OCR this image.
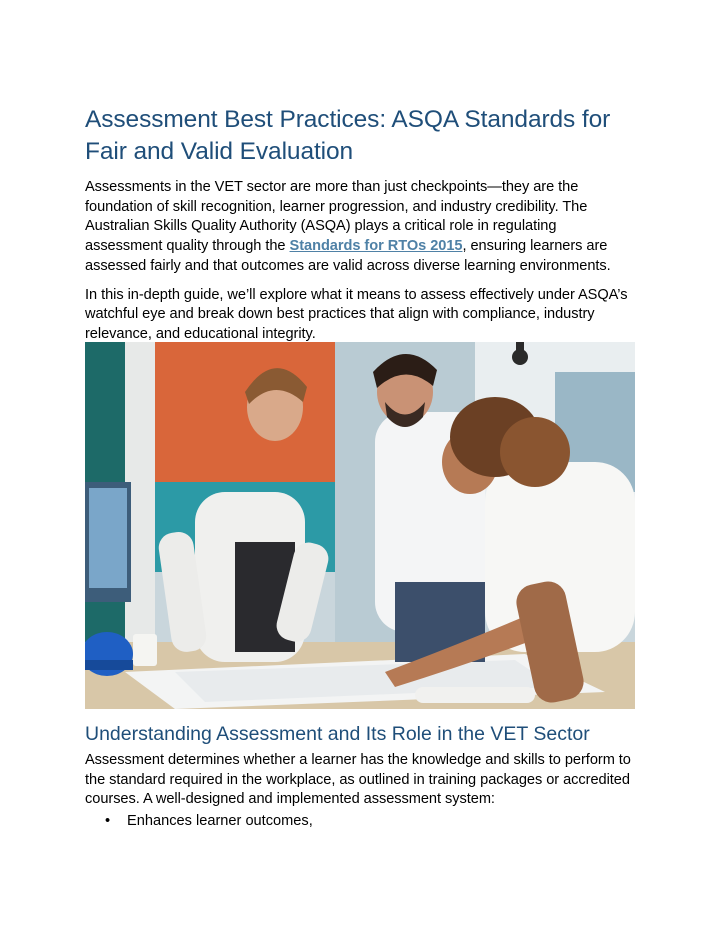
Assessment Best Practices: ASQA Standards for Fair and Valid Evaluation

Assessments in the VET sector are more than just checkpoints—they are the foundation of skill recognition, learner progression, and industry credibility. The Australian Skills Quality Authority (ASQA) plays a critical role in regulating assessment quality through the Standards for RTOs 2015, ensuring learners are assessed fairly and that outcomes are valid across diverse learning environments.

In this in-depth guide, we’ll explore what it means to assess effectively under ASQA’s watchful eye and break down best practices that align with compliance, industry relevance, and educational integrity.

Understanding Assessment and Its Role in the VET Sector

Assessment determines whether a learner has the knowledge and skills to perform to the standard required in the workplace, as outlined in training packages or accredited courses. A well-designed and implemented assessment system:

• Enhances learner outcomes,
